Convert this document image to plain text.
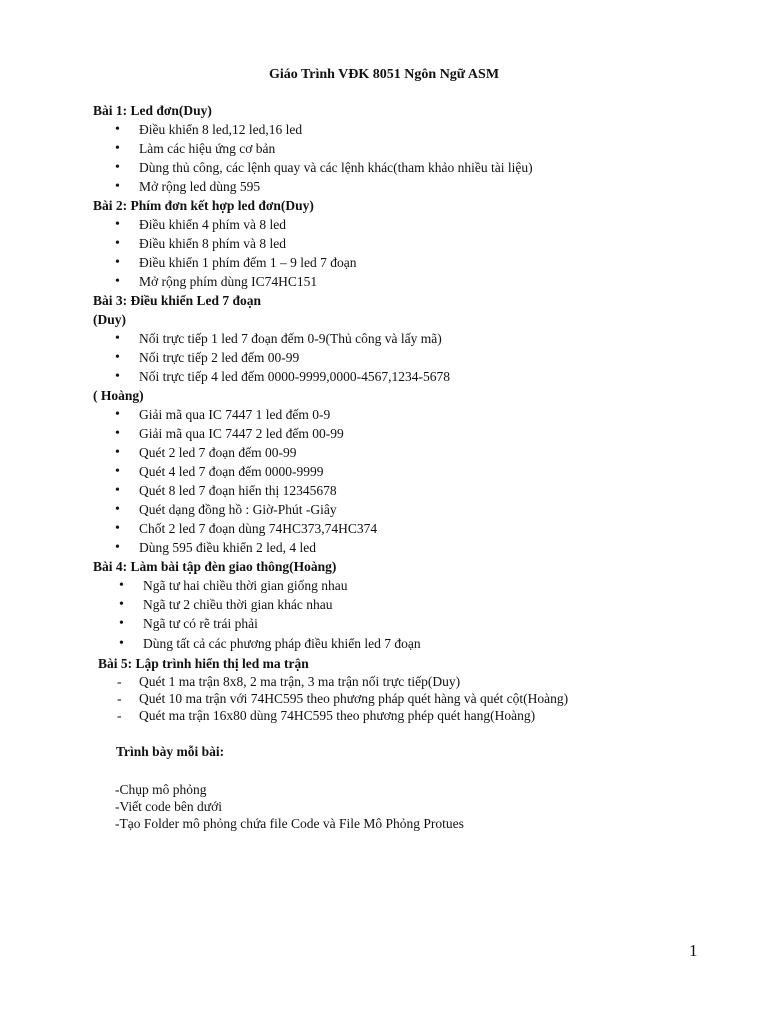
Giáo Trình VĐK 8051 Ngôn Ngữ ASM
Bài 1: Led đơn(Duy)
• Điều khiển 8 led,12 led,16 led
• Làm các hiệu ứng cơ bản
• Dùng thủ công, các lệnh quay và các lệnh khác(tham khảo nhiều tài liệu)
• Mở rộng led dùng 595
Bài 2: Phím đơn kết hợp led đơn(Duy)
• Điều khiển 4 phím và 8 led
• Điều khiển 8 phím và 8 led
• Điều khiển 1 phím đếm 1 – 9 led 7 đoạn
• Mở rộng phím dùng IC74HC151
Bài 3: Điều khiển Led 7 đoạn
(Duy)
• Nối trực tiếp 1 led 7 đoạn đếm 0-9(Thủ công và lấy mã)
• Nối trực tiếp 2 led đếm 00-99
• Nối trực tiếp 4 led đếm 0000-9999,0000-4567,1234-5678
( Hoàng)
• Giải mã qua IC 7447 1 led đếm 0-9
• Giải mã qua IC 7447 2 led đếm 00-99
• Quét 2 led 7 đoạn đếm 00-99
• Quét 4 led 7 đoạn đếm 0000-9999
• Quét 8 led 7 đoạn hiển thị 12345678
• Quét dạng đồng hồ : Giờ-Phút -Giây
• Chốt 2 led 7 đoạn dùng 74HC373,74HC374
• Dùng 595 điều khiển 2 led, 4 led
Bài 4: Làm bài tập đèn giao thông(Hoàng)
• Ngã tư hai chiều thời gian giống nhau
• Ngã tư 2 chiều thời gian khác nhau
• Ngã tư có rẽ trái phải
• Dùng tất cả các phương pháp điều khiển led 7 đoạn
Bài 5: Lập trình hiển thị led ma trận
- Quét 1 ma trận 8x8, 2 ma trận, 3 ma trận nối trực tiếp(Duy)
- Quét 10 ma trận với 74HC595 theo phương pháp quét hàng và quét cột(Hoàng)
- Quét ma trận 16x80 dùng 74HC595 theo phương phép quét hang(Hoàng)
Trình bày mỗi bài:
-Chụp mô phỏng
-Viết code bên dưới
-Tạo Folder mô phỏng chứa file Code và File Mô Phỏng Protues
1
